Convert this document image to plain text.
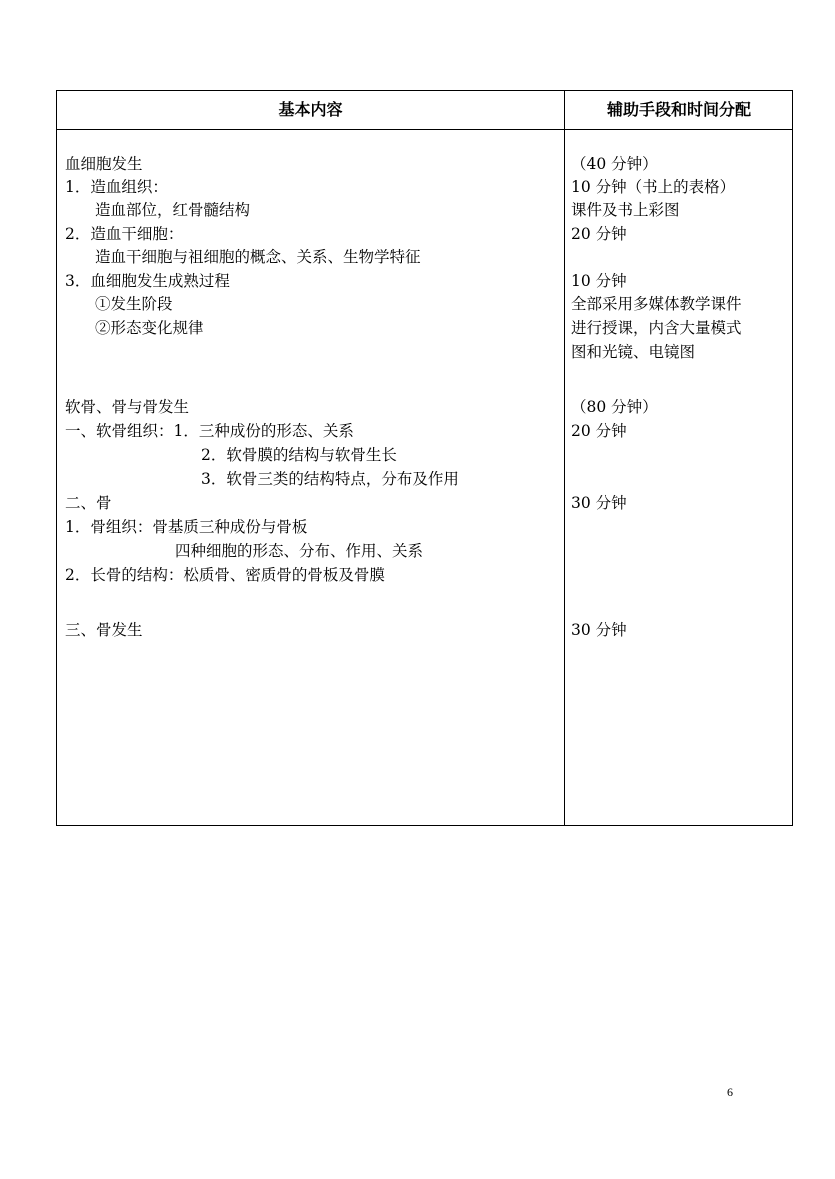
基本内容	辅助手段和时间分配
血细胞发生
1．造血组织：
造血部位，红骨髓结构
2．造血干细胞：
造血干细胞与祖细胞的概念、关系、生物学特征
3．血细胞发生成熟过程
①发生阶段
②形态变化规律
软骨、骨与骨发生
一、软骨组织：1．三种成份的形态、关系
2．软骨膜的结构与软骨生长
3．软骨三类的结构特点，分布及作用
二、骨
1．骨组织：骨基质三种成份与骨板
四种细胞的形态、分布、作用、关系
2．长骨的结构：松质骨、密质骨的骨板及骨膜
三、骨发生
（40 分钟）
10 分钟（书上的表格）
课件及书上彩图
20 分钟
10 分钟
全部采用多媒体教学课件
进行授课，内含大量模式
图和光镜、电镜图
（80 分钟）
20 分钟
30 分钟
30 分钟
6
